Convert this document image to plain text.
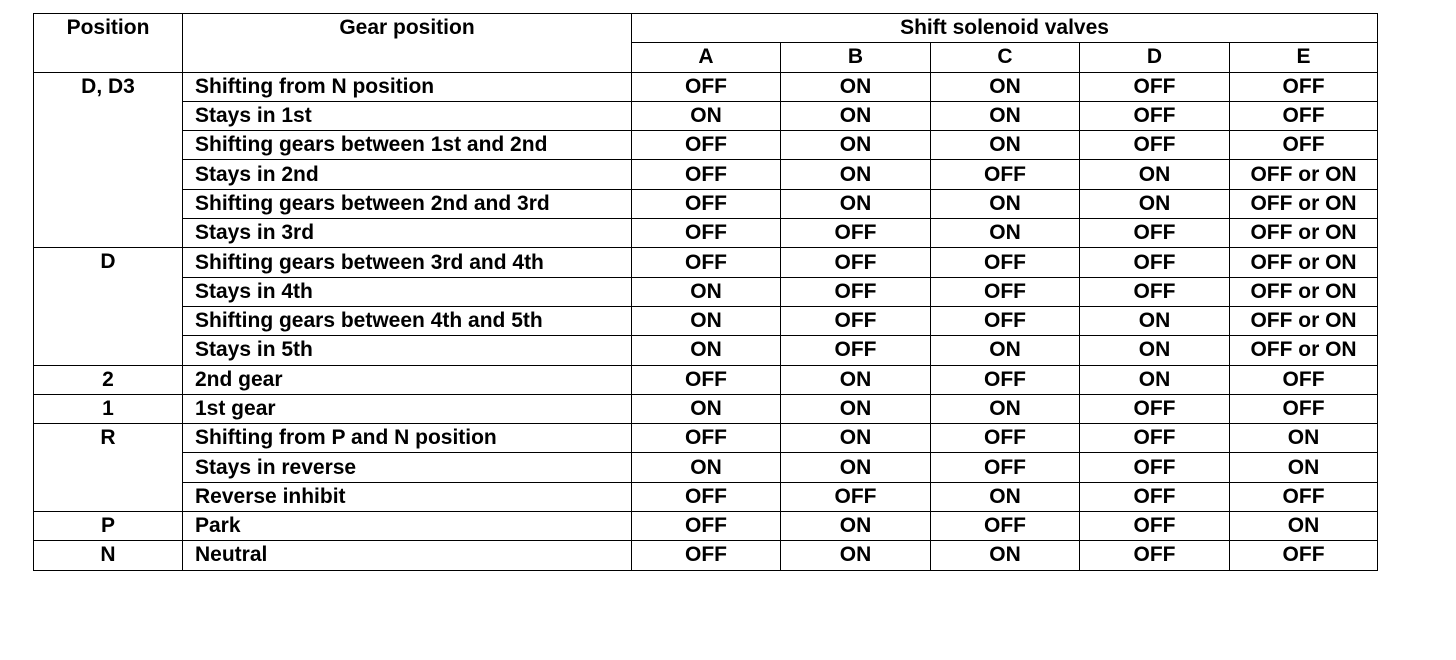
Position	Gear position	Shift solenoid valves				
		A	B	C	D	E
D, D3	Shifting from N position	OFF	ON	ON	OFF	OFF
	Stays in 1st	ON	ON	ON	OFF	OFF
	Shifting gears between 1st and 2nd	OFF	ON	ON	OFF	OFF
	Stays in 2nd	OFF	ON	OFF	ON	OFF or ON
	Shifting gears between 2nd and 3rd	OFF	ON	ON	ON	OFF or ON
	Stays in 3rd	OFF	OFF	ON	OFF	OFF or ON
D	Shifting gears between 3rd and 4th	OFF	OFF	OFF	OFF	OFF or ON
	Stays in 4th	ON	OFF	OFF	OFF	OFF or ON
	Shifting gears between 4th and 5th	ON	OFF	OFF	ON	OFF or ON
	Stays in 5th	ON	OFF	ON	ON	OFF or ON
2	2nd gear	OFF	ON	OFF	ON	OFF
1	1st gear	ON	ON	ON	OFF	OFF
R	Shifting from P and N position	OFF	ON	OFF	OFF	ON
	Stays in reverse	ON	ON	OFF	OFF	ON
	Reverse inhibit	OFF	OFF	ON	OFF	OFF
P	Park	OFF	ON	OFF	OFF	ON
N	Neutral	OFF	ON	ON	OFF	OFF
